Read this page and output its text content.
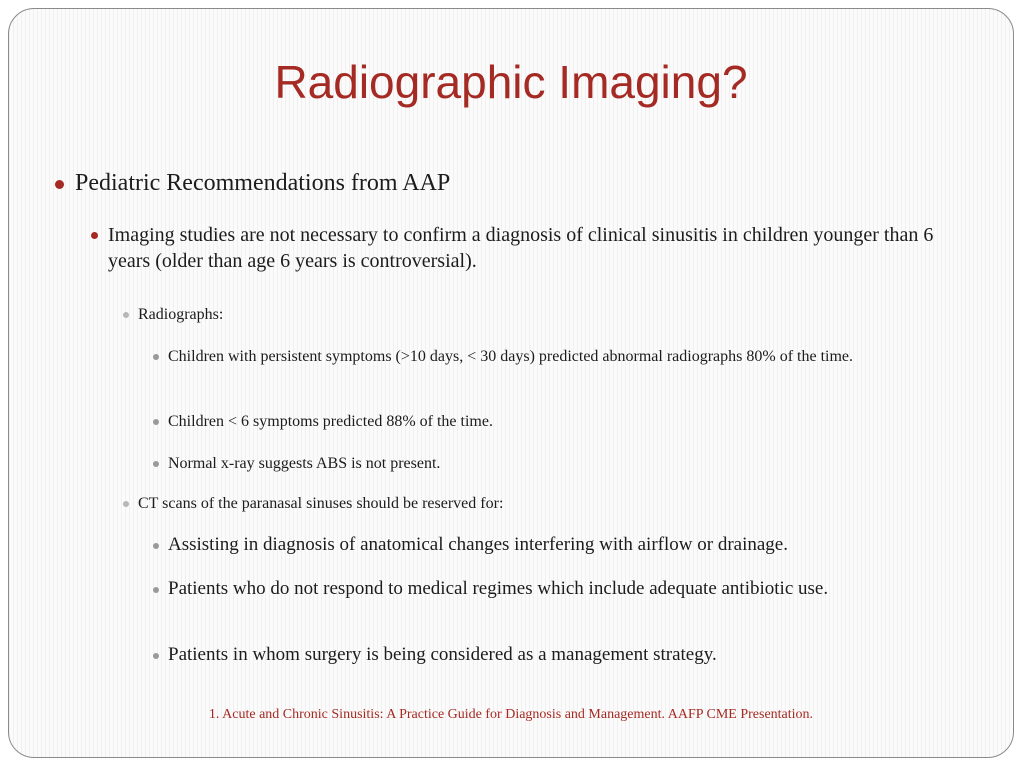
Radiographic Imaging?

Pediatric Recommendations from AAP

Imaging studies are not necessary to confirm a diagnosis of clinical sinusitis in children younger than 6 years (older than age 6 years is controversial).

Radiographs:

Children with persistent symptoms (>10 days, < 30 days) predicted abnormal radiographs 80% of the time.

Children < 6 symptoms predicted 88% of the time.

Normal x-ray suggests ABS is not present.

CT scans of the paranasal sinuses should be reserved for:

Assisting in diagnosis of anatomical changes interfering with airflow or drainage.

Patients who do not respond to medical regimes which include adequate antibiotic use.

Patients in whom surgery is being considered as a management strategy.

1. Acute and Chronic Sinusitis: A Practice Guide for Diagnosis and Management. AAFP CME Presentation.
